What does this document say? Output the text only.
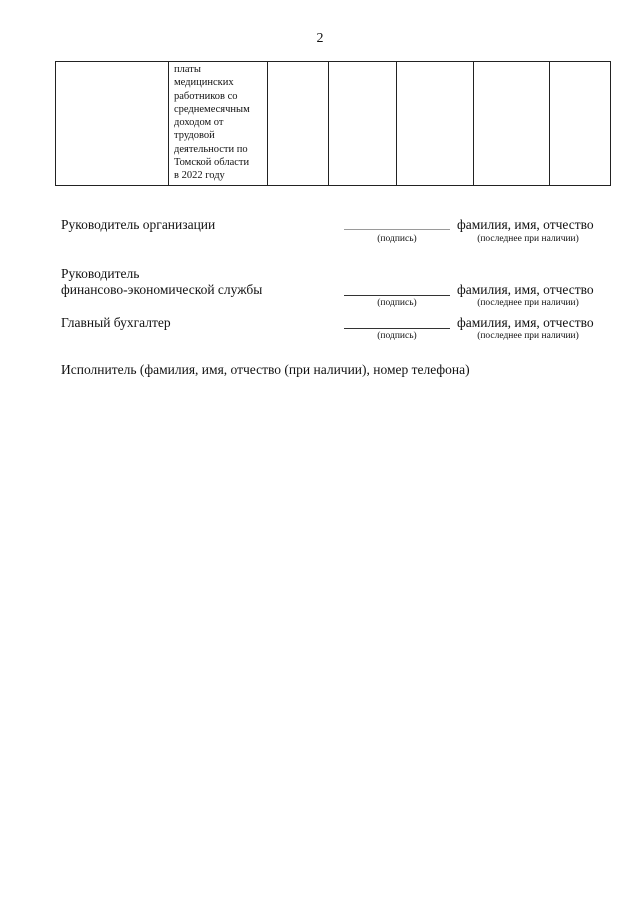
2

платы
медицинских
работников со
среднемесячным
доходом от
трудовой
деятельности по
Томской области
в 2022 году

Руководитель организации	фамилия, имя, отчество
(подпись)	(последнее при наличии)
Руководитель
финансово-экономической службы	фамилия, имя, отчество
(подпись)	(последнее при наличии)
Главный бухгалтер	фамилия, имя, отчество
(подпись)	(последнее при наличии)
Исполнитель (фамилия, имя, отчество (при наличии), номер телефона)
